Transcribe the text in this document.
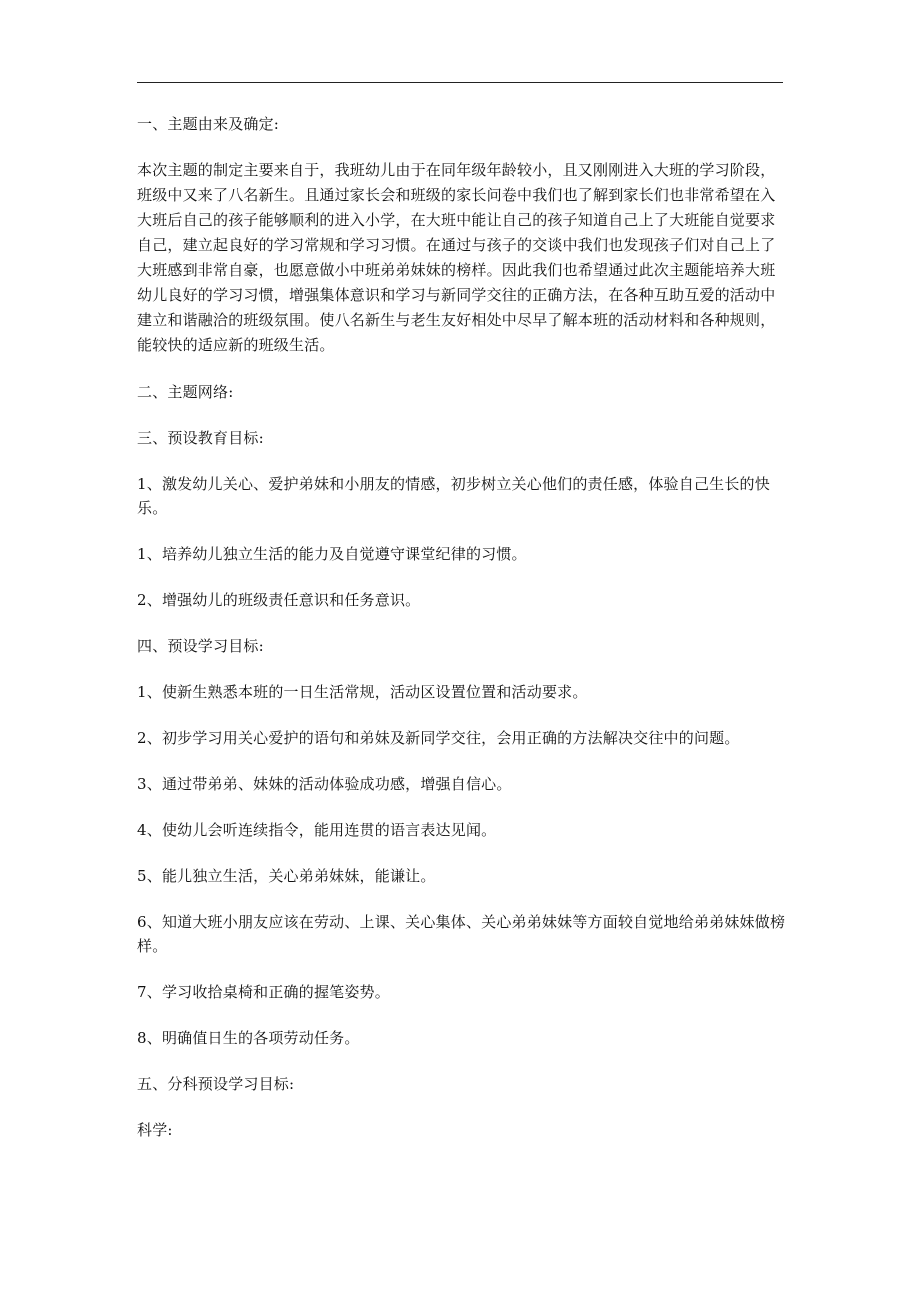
一、主题由来及确定:

本次主题的制定主要来自于，我班幼儿由于在同年级年龄较小，且又刚刚进入大班的学习阶段，班级中又来了八名新生。且通过家长会和班级的家长问卷中我们也了解到家长们也非常希望在入大班后自己的孩子能够顺利的进入小学，在大班中能让自己的孩子知道自己上了大班能自觉要求自己，建立起良好的学习常规和学习习惯。在通过与孩子的交谈中我们也发现孩子们对自己上了大班感到非常自豪，也愿意做小中班弟弟妹妹的榜样。因此我们也希望通过此次主题能培养大班幼儿良好的学习习惯，增强集体意识和学习与新同学交往的正确方法，在各种互助互爱的活动中建立和谐融洽的班级氛围。使八名新生与老生友好相处中尽早了解本班的活动材料和各种规则，能较快的适应新的班级生活。

二、主题网络:

三、预设教育目标:

1、激发幼儿关心、爱护弟妹和小朋友的情感，初步树立关心他们的责任感，体验自己生长的快乐。

1、培养幼儿独立生活的能力及自觉遵守课堂纪律的习惯。

2、增强幼儿的班级责任意识和任务意识。

四、预设学习目标:

1、使新生熟悉本班的一日生活常规，活动区设置位置和活动要求。

2、初步学习用关心爱护的语句和弟妹及新同学交往，会用正确的方法解决交往中的问题。

3、通过带弟弟、妹妹的活动体验成功感，增强自信心。

4、使幼儿会听连续指令，能用连贯的语言表达见闻。

5、能儿独立生活，关心弟弟妹妹，能谦让。

6、知道大班小朋友应该在劳动、上课、关心集体、关心弟弟妹妹等方面较自觉地给弟弟妹妹做榜样。

7、学习收拾桌椅和正确的握笔姿势。

8、明确值日生的各项劳动任务。

五、分科预设学习目标:

科学:
